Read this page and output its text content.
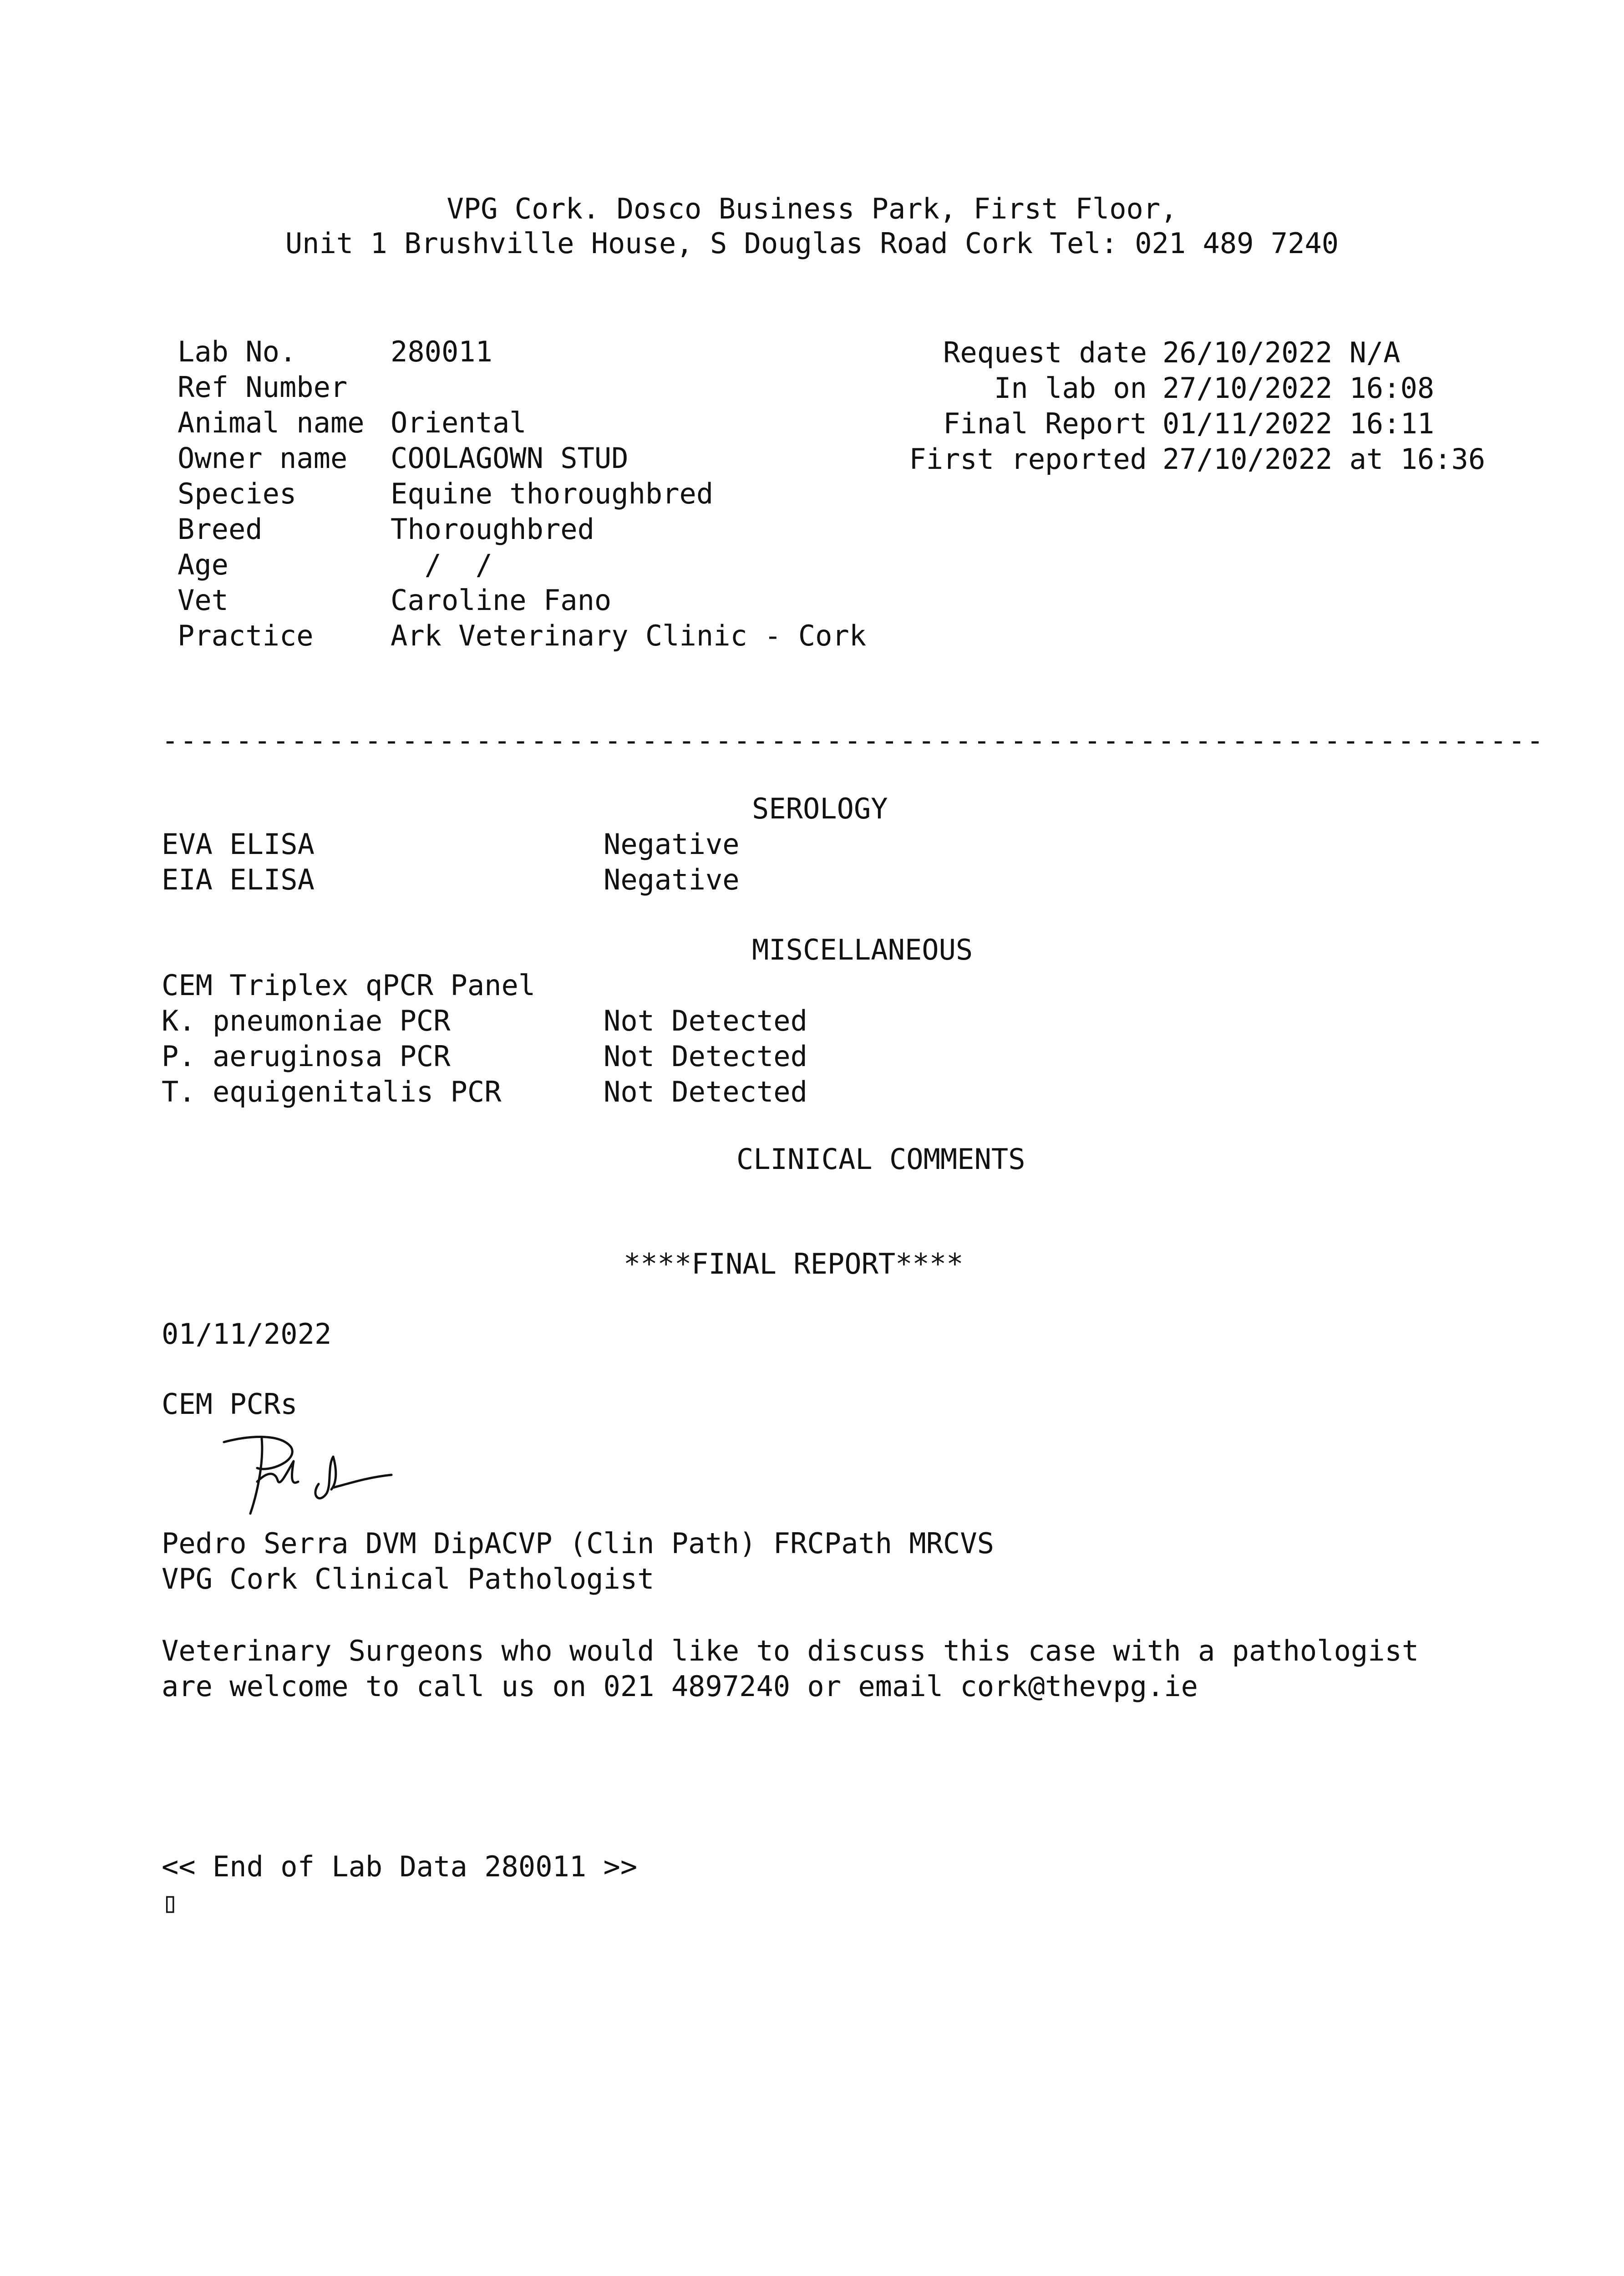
VPG Cork. Dosco Business Park, First Floor,
Unit 1 Brushville House, S Douglas Road Cork Tel: 021 489 7240
Lab No.	280011
Ref Number
Animal name Oriental
Owner name COOLAGOWN STUD
Species	Equine thoroughbred
Breed	Thoroughbred
Age	/  /
Vet	Caroline Fano
Practice	Ark Veterinary Clinic - Cork
Request date 26/10/2022 N/A
In lab on 27/10/2022 16:08
Final Report 01/11/2022 16:11
First reported 27/10/2022 at 16:36
---------------------------------------------------------------------------
SEROLOGY
EVA ELISA	Negative
EIA ELISA	Negative
MISCELLANEOUS
CEM Triplex qPCR Panel
K. pneumoniae PCR	Not Detected
P. aeruginosa PCR	Not Detected
T. equigenitalis PCR	Not Detected
CLINICAL COMMENTS
****FINAL REPORT****
01/11/2022
CEM PCRs
Pedro Serra DVM DipACVP (Clin Path) FRCPath MRCVS
VPG Cork Clinical Pathologist
Veterinary Surgeons who would like to discuss this case with a pathologist
are welcome to call us on 021 4897240 or email cork@thevpg.ie
<< End of Lab Data 280011 >>
▯
